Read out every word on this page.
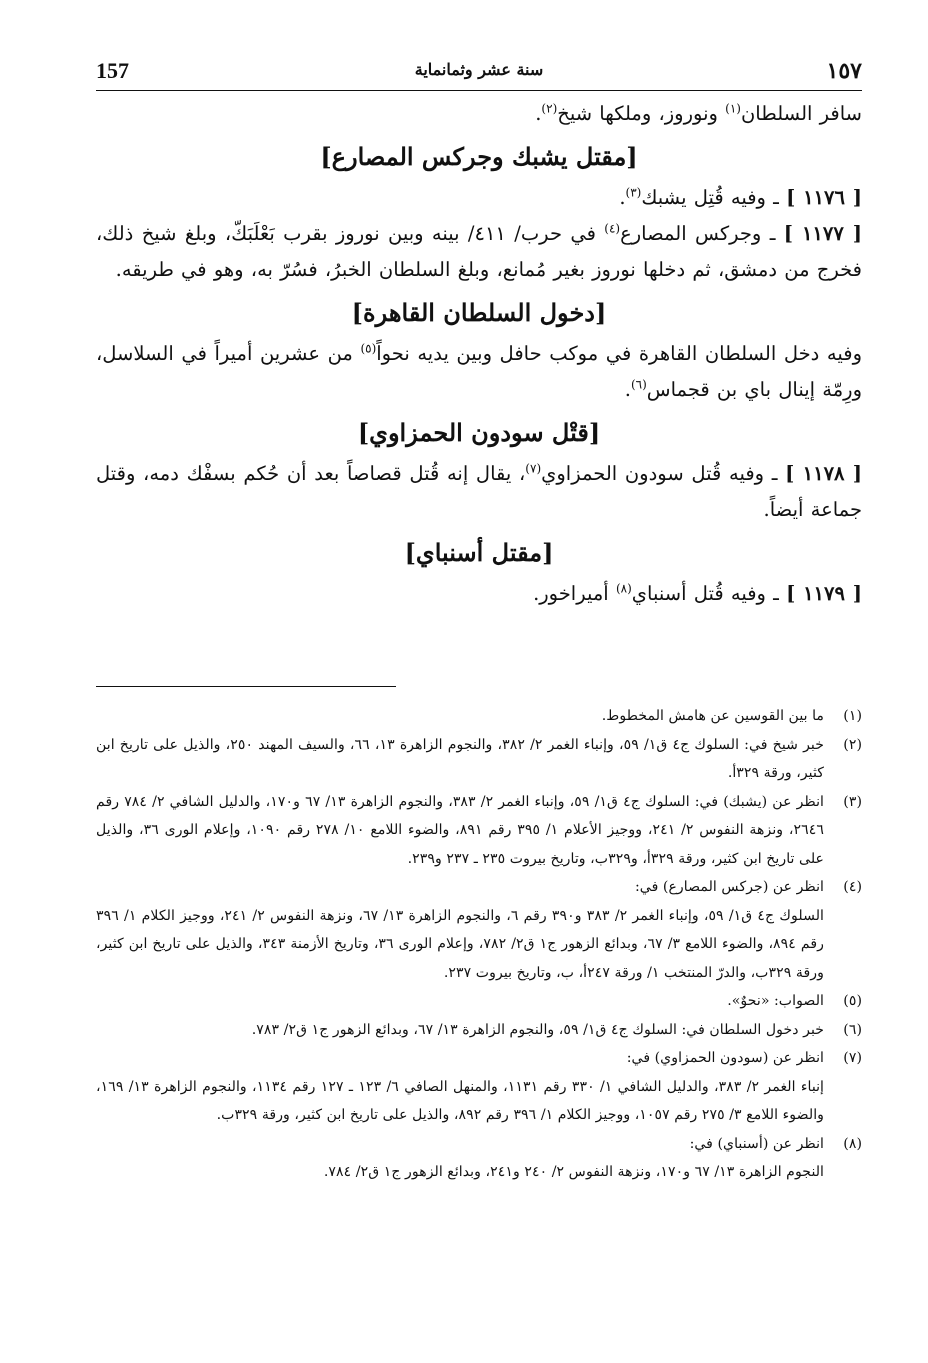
١٥٧
سنة عشر وثمانماية
157

سافر السلطان$^{(١)}$ ونوروز، وملكها شيخ$^{(٢)}$.

[مقتل يشبك وجركس المصارع]

[ ١١٧٦ ] ـ وفيه قُتِل يشبك$^{(٣)}$.

[ ١١٧٧ ] ـ وجركس المصارع$^{(٤)}$ في حرب/ ٤١١/ بينه وبين نوروز بقرب بَعْلَبَكّ، وبلغ شيخ ذلك، فخرج من دمشق، ثم دخلها نوروز بغير مُمانع، وبلغ السلطان الخبرُ، فسُرّ به، وهو في طريقه.

[دخول السلطان القاهرة]

وفيه دخل السلطان القاهرة في موكب حافل وبين يديه نحواً$^{(٥)}$ من عشرين أميراً في السلاسل، ورِمّة إينال باي بن قجماس$^{(٦)}$.

[قتْل سودون الحمزاوي]

[ ١١٧٨ ] ـ وفيه قُتل سودون الحمزاوي$^{(٧)}$، يقال إنه قُتل قصاصاً بعد أن حُكم بسفْك دمه، وقتل جماعة أيضاً.

[مقتل أسنباي]

[ ١١٧٩ ] ـ وفيه قُتل أسنباي$^{(٨)}$ أميراخور.

(١)
ما بين القوسين عن هامش المخطوط.
(٢)
خبر شيخ في: السلوك ج٤ ق١/ ٥٩، وإنباء الغمر ٢/ ٣٨٢، والنجوم الزاهرة ١٣، ٦٦، والسيف المهند ٢٥٠، والذيل على تاريخ ابن كثير، ورقة ٣٢٩أ.
(٣)
انظر عن (يشبك) في: السلوك ج٤ ق١/ ٥٩، وإنباء الغمر ٢/ ٣٨٣، والنجوم الزاهرة ١٣/ ٦٧ و١٧٠، والدليل الشافي ٢/ ٧٨٤ رقم ٢٦٤٦، ونزهة النفوس ٢/ ٢٤١، ووجيز الأعلام ١/ ٣٩٥ رقم ٨٩١، والضوء اللامع ١٠/ ٢٧٨ رقم ١٠٩٠، وإعلام الورى ٣٦، والذيل على تاريخ ابن كثير، ورقة ٣٢٩أ، و٣٢٩ب، وتاريخ بيروت ٢٣٥ ـ ٢٣٧ و٢٣٩.
(٤)
انظر عن (جركس المصارع) في:
السلوك ج٤ ق١/ ٥٩، وإنباء الغمر ٢/ ٣٨٣ و٣٩٠ رقم ٦، والنجوم الزاهرة ١٣/ ٦٧، ونزهة النفوس ٢/ ٢٤١، ووجيز الكلام ١/ ٣٩٦ رقم ٨٩٤، والضوء اللامع ٣/ ٦٧، وبدائع الزهور ج١ ق٢/ ٧٨٢، وإعلام الورى ٣٦، وتاريخ الأزمنة ٣٤٣، والذيل على تاريخ ابن كثير، ورقة ٣٢٩ب، والدرّ المنتخب ١/ ورقة ٢٤٧أ، ب، وتاريخ بيروت ٢٣٧.
(٥)
الصواب: «نحوٌ».
(٦)
خبر دخول السلطان في: السلوك ج٤ ق١/ ٥٩، والنجوم الزاهرة ١٣/ ٦٧، وبدائع الزهور ج١ ق٢/ ٧٨٣.
(٧)
انظر عن (سودون الحمزاوي) في:
إنباء الغمر ٢/ ٣٨٣، والدليل الشافي ١/ ٣٣٠ رقم ١١٣١، والمنهل الصافي ٦/ ١٢٣ ـ ١٢٧ رقم ١١٣٤، والنجوم الزاهرة ١٣/ ١٦٩، والضوء اللامع ٣/ ٢٧٥ رقم ١٠٥٧، ووجيز الكلام ١/ ٣٩٦ رقم ٨٩٢، والذيل على تاريخ ابن كثير، ورقة ٣٢٩ب.
(٨)
انظر عن (أسنباي) في:
النجوم الزاهرة ١٣/ ٦٧ و١٧٠، ونزهة النفوس ٢/ ٢٤٠ و٢٤١، وبدائع الزهور ج١ ق٢/ ٧٨٤.
